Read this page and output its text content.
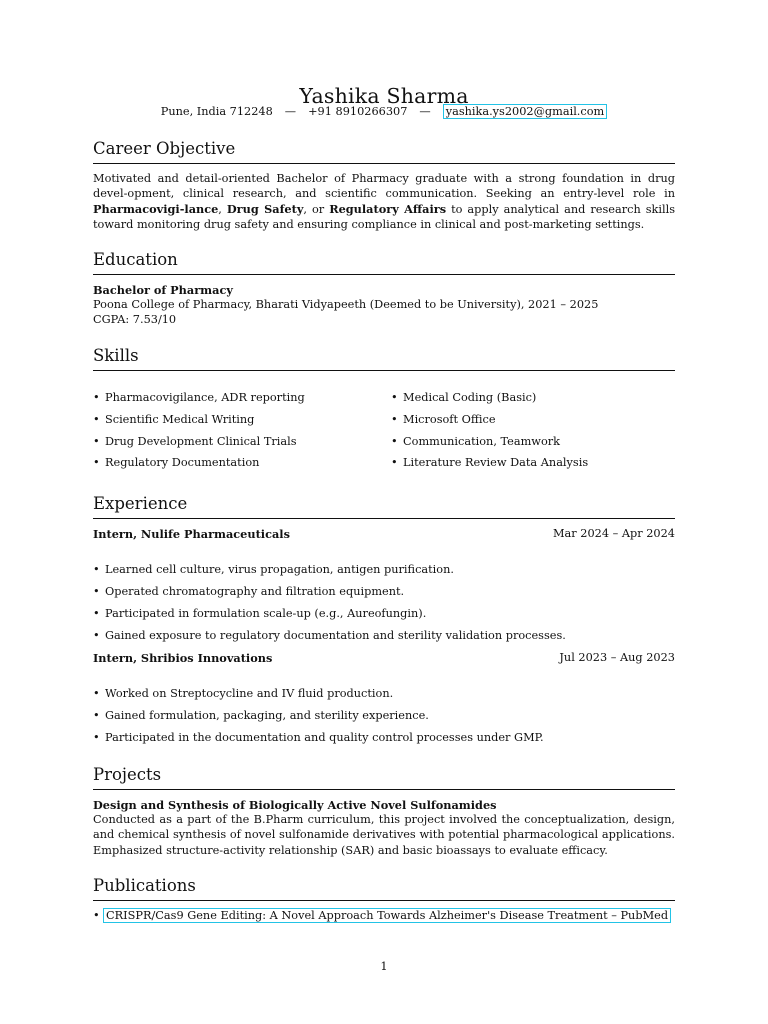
Yashika Sharma
Pune, India 712248 — +91 8910266307 — yashika.ys2002@gmail.com
Career Objective
Motivated and detail-oriented Bachelor of Pharmacy graduate with a strong foundation in drug devel-opment, clinical research, and scientific communication. Seeking an entry-level role in Pharmacovigi-lance, Drug Safety, or Regulatory Affairs to apply analytical and research skills toward monitoring drug safety and ensuring compliance in clinical and post-marketing settings.
Education
Bachelor of Pharmacy
Poona College of Pharmacy, Bharati Vidyapeeth (Deemed to be University), 2021 – 2025
CGPA: 7.53/10
Skills
• Pharmacovigilance, ADR reporting
• Scientific Medical Writing
• Drug Development Clinical Trials
• Regulatory Documentation
• Medical Coding (Basic)
• Microsoft Office
• Communication, Teamwork
• Literature Review Data Analysis
Experience
Intern, Nulife Pharmaceuticals	Mar 2024 – Apr 2024
• Learned cell culture, virus propagation, antigen purification.
• Operated chromatography and filtration equipment.
• Participated in formulation scale-up (e.g., Aureofungin).
• Gained exposure to regulatory documentation and sterility validation processes.
Intern, Shribios Innovations	Jul 2023 – Aug 2023
• Worked on Streptocycline and IV fluid production.
• Gained formulation, packaging, and sterility experience.
• Participated in the documentation and quality control processes under GMP.
Projects
Design and Synthesis of Biologically Active Novel Sulfonamides
Conducted as a part of the B.Pharm curriculum, this project involved the conceptualization, design, and chemical synthesis of novel sulfonamide derivatives with potential pharmacological applications. Emphasized structure-activity relationship (SAR) and basic bioassays to evaluate efficacy.
Publications
• CRISPR/Cas9 Gene Editing: A Novel Approach Towards Alzheimer's Disease Treatment – PubMed
1
